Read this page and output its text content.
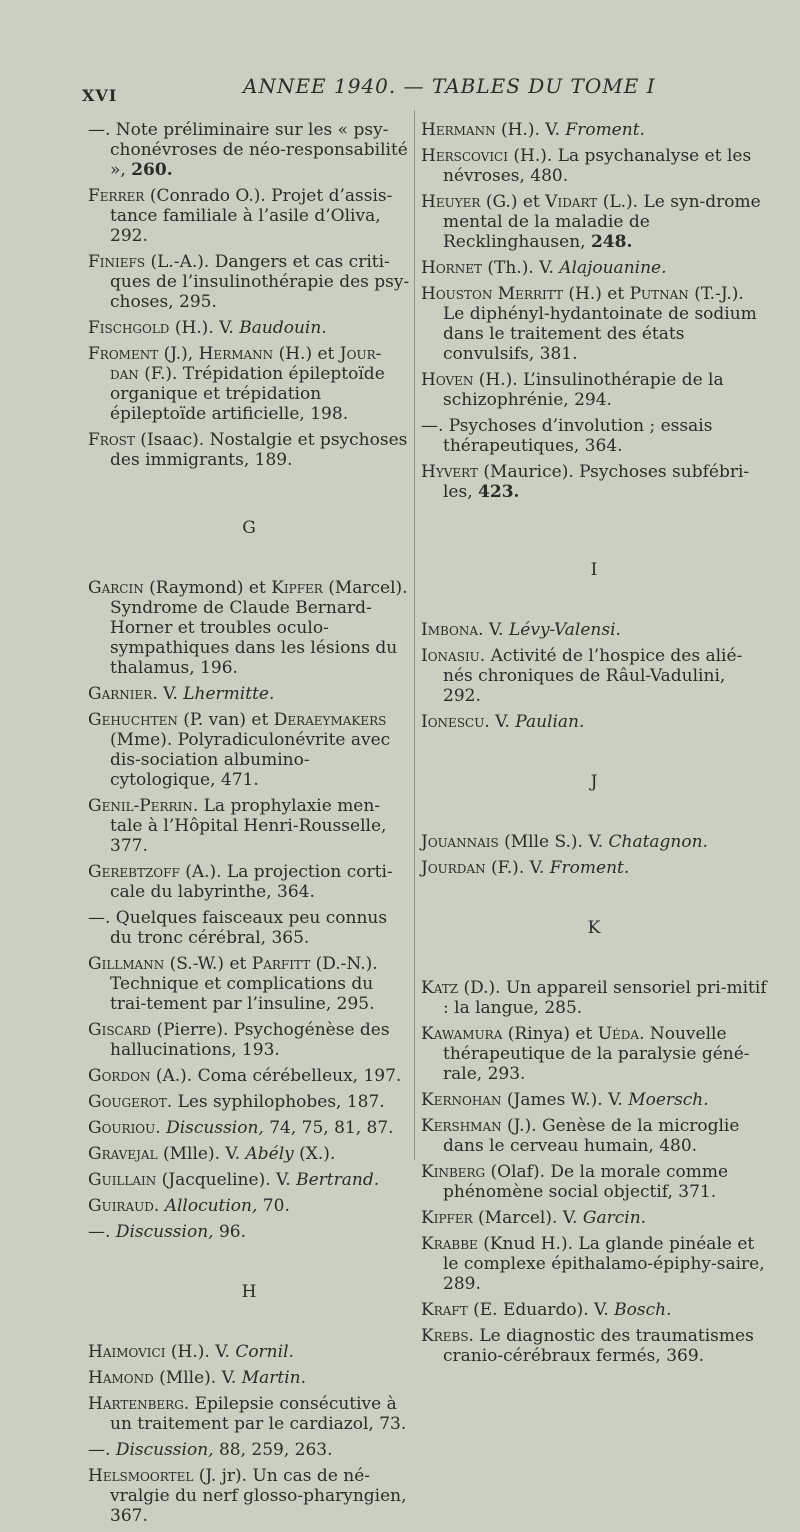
XVI	ANNEE 1940. — TABLES DU TOME I

—. Note préliminaire sur les « psy-chonévroses de néo-responsabilité », 260.

Ferrer (Conrado O.). Projet d’assis-tance familiale à l’asile d’Oliva, 292.

Finiefs (L.-A.). Dangers et cas criti-ques de l’insulinothérapie des psy-choses, 295.

Fischgold (H.). V. Baudouin.

Froment (J.), Hermann (H.) et Jour-dan (F.). Trépidation épileptoïde organique et trépidation épileptoïde artificielle, 198.

Frost (Isaac). Nostalgie et psychoses des immigrants, 189.

G

Garcin (Raymond) et Kipfer (Marcel). Syndrome de Claude Bernard-Horner et troubles oculo-sympathiques dans les lésions du thalamus, 196.

Garnier. V. Lhermitte.

Gehuchten (P. van) et Deraeymakers (Mme). Polyradiculonévrite avec dis-sociation albumino-cytologique, 471.

Genil-Perrin. La prophylaxie men-tale à l’Hôpital Henri-Rousselle, 377.

Gerebtzoff (A.). La projection corti-cale du labyrinthe, 364.

—. Quelques faisceaux peu connus du tronc cérébral, 365.

Gillmann (S.-W.) et Parfitt (D.-N.). Technique et complications du trai-tement par l’insuline, 295.

Giscard (Pierre). Psychogénèse des hallucinations, 193.

Gordon (A.). Coma cérébelleux, 197.

Gougerot. Les syphilophobes, 187.

Gouriou. Discussion, 74, 75, 81, 87.

Gravejal (Mlle). V. Abély (X.).

Guillain (Jacqueline). V. Bertrand.

Guiraud. Allocution, 70.

—. Discussion, 96.

H

Haimovici (H.). V. Cornil.

Hamond (Mlle). V. Martin.

Hartenberg. Epilepsie consécutive à un traitement par le cardiazol, 73.

—. Discussion, 88, 259, 263.

Helsmoortel (J. jr). Un cas de né-vralgie du nerf glosso-pharyngien, 367.

Hermann (H.). V. Froment.

Herscovici (H.). La psychanalyse et les névroses, 480.

Heuyer (G.) et Vidart (L.). Le syn-drome mental de la maladie de Recklinghausen, 248.

Hornet (Th.). V. Alajouanine.

Houston Merritt (H.) et Putnan (T.-J.). Le diphényl-hydantoinate de sodium dans le traitement des états convulsifs, 381.

Hoven (H.). L’insulinothérapie de la schizophrénie, 294.

—. Psychoses d’involution ; essais thérapeutiques, 364.

Hyvert (Maurice). Psychoses subfébri-les, 423.

I

Imbona. V. Lévy-Valensi.

Ionasiu. Activité de l’hospice des alié-nés chroniques de Râul-Vadulini, 292.

Ionescu. V. Paulian.

J

Jouannais (Mlle S.). V. Chatagnon.

Jourdan (F.). V. Froment.

K

Katz (D.). Un appareil sensoriel pri-mitif : la langue, 285.

Kawamura (Rinya) et Uéda. Nouvelle thérapeutique de la paralysie géné-rale, 293.

Kernohan (James W.). V. Moersch.

Kershman (J.). Genèse de la microglie dans le cerveau humain, 480.

Kinberg (Olaf). De la morale comme phénomène social objectif, 371.

Kipfer (Marcel). V. Garcin.

Krabbe (Knud H.). La glande pinéale et le complexe épithalamo-épiphy-saire, 289.

Kraft (E. Eduardo). V. Bosch.

Krebs. Le diagnostic des traumatismes cranio-cérébraux fermés, 369.
